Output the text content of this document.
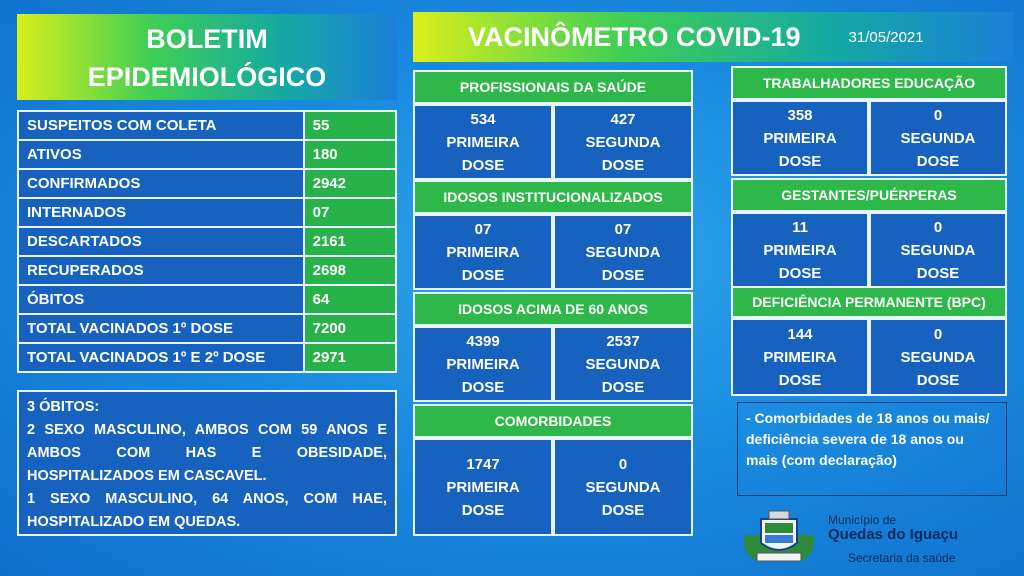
BOLETIM
EPIDEMIOLÓGICO
SUSPEITOS COM COLETA	55
ATIVOS	180
CONFIRMADOS	2942
INTERNADOS	07
DESCARTADOS	2161
RECUPERADOS	2698
ÓBITOS	64
TOTAL VACINADOS 1º DOSE	7200
TOTAL VACINADOS 1º E 2º DOSE	2971
3 ÓBITOS:
2 SEXO MASCULINO, AMBOS COM 59 ANOS E AMBOS COM HAS E OBESIDADE, HOSPITALIZADOS EM CASCAVEL.
1 SEXO MASCULINO, 64 ANOS, COM HAE, HOSPITALIZADO EM QUEDAS.
VACINÔMETRO COVID-19	31/05/2021
PROFISSIONAIS DA SAÚDE
534
PRIMEIRA
DOSE
427
SEGUNDA
DOSE
IDOSOS INSTITUCIONALIZADOS
07
PRIMEIRA
DOSE
07
SEGUNDA
DOSE
IDOSOS ACIMA DE 60 ANOS
4399
PRIMEIRA
DOSE
2537
SEGUNDA
DOSE
COMORBIDADES
1747
PRIMEIRA
DOSE
0
SEGUNDA
DOSE
TRABALHADORES EDUCAÇÃO
358
PRIMEIRA
DOSE
0
SEGUNDA
DOSE
GESTANTES/PUÉRPERAS
11
PRIMEIRA
DOSE
0
SEGUNDA
DOSE
DEFICIÊNCIA PERMANENTE (BPC)
144
PRIMEIRA
DOSE
0
SEGUNDA
DOSE
- Comorbidades de 18 anos ou mais/ deficiência severa de 18 anos ou mais (com declaração)
Município de
Quedas do Iguaçu
Secretaria da saúde
